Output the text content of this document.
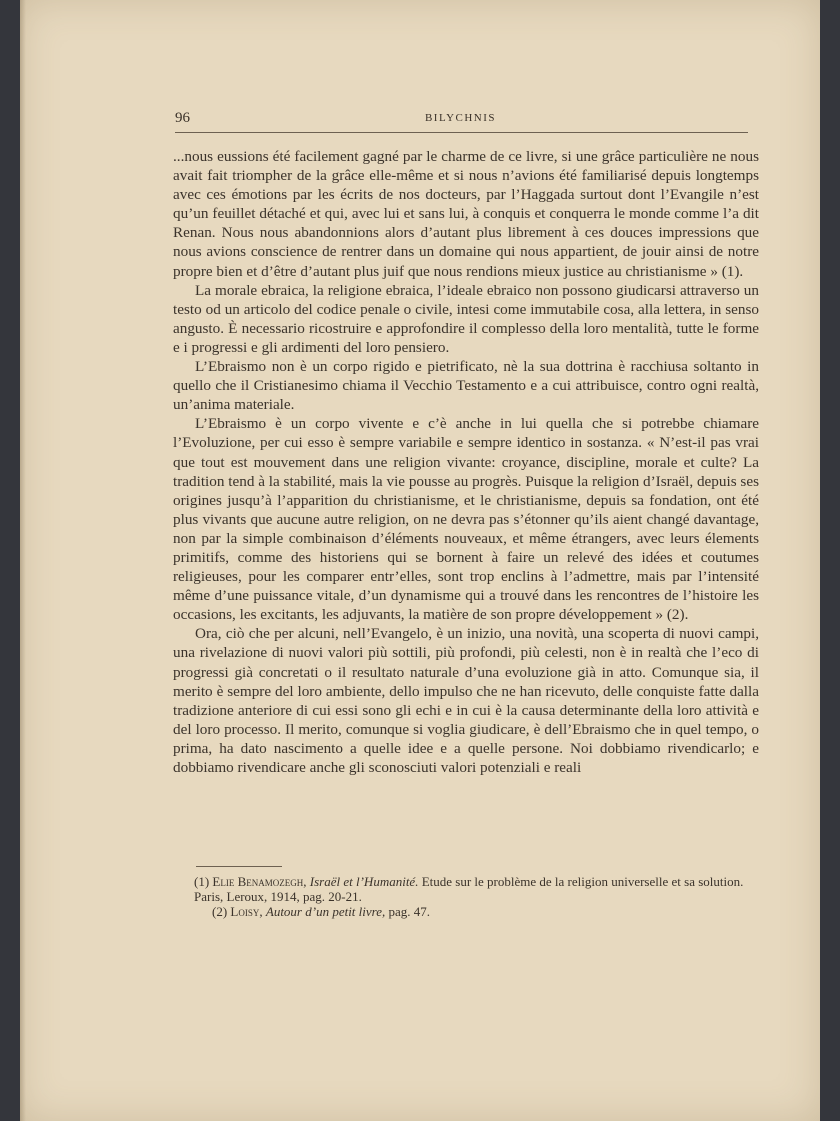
96	BILYCHNIS

...nous eussions été facilement gagné par le charme de ce livre, si une grâce particulière ne nous avait fait triompher de la grâce elle-même et si nous n’avions été familiarisé depuis longtemps avec ces émotions par les écrits de nos docteurs, par l’Haggada surtout dont l’Evangile n’est qu’un feuillet détaché et qui, avec lui et sans lui, à conquis et conquerra le monde comme l’a dit Renan. Nous nous abandonnions alors d’autant plus librement à ces douces impressions que nous avions conscience de rentrer dans un domaine qui nous appartient, de jouir ainsi de notre propre bien et d’être d’autant plus juif que nous rendions mieux justice au christianisme » (1).

La morale ebraica, la religione ebraica, l’ideale ebraico non possono giudicarsi attraverso un testo od un articolo del codice penale o civile, intesi come immutabile cosa, alla lettera, in senso angusto. È necessario ricostruire e approfondire il complesso della loro mentalità, tutte le forme e i progressi e gli ardimenti del loro pensiero.

L’Ebraismo non è un corpo rigido e pietrificato, nè la sua dottrina è racchiusa soltanto in quello che il Cristianesimo chiama il Vecchio Testamento e a cui attribuisce, contro ogni realtà, un’anima materiale.

L’Ebraismo è un corpo vivente e c’è anche in lui quella che si potrebbe chiamare l’Evoluzione, per cui esso è sempre variabile e sempre identico in sostanza. « N’est-il pas vrai que tout est mouvement dans une religion vivante: croyance, discipline, morale et culte? La tradition tend à la stabilité, mais la vie pousse au progrès. Puisque la religion d’Israël, depuis ses origines jusqu’à l’apparition du christianisme, et le christianisme, depuis sa fondation, ont été plus vivants que aucune autre religion, on ne devra pas s’étonner qu’ils aient changé davantage, non par la simple combinaison d’éléments nouveaux, et même étrangers, avec leurs élements primitifs, comme des historiens qui se bornent à faire un relevé des idées et coutumes religieuses, pour les comparer entr’elles, sont trop enclins à l’admettre, mais par l’intensité même d’une puissance vitale, d’un dynamisme qui a trouvé dans les rencontres de l’histoire les occasions, les excitants, les adjuvants, la matière de son propre développement » (2).

Ora, ciò che per alcuni, nell’Evangelo, è un inizio, una novità, una scoperta di nuovi campi, una rivelazione di nuovi valori più sottili, più profondi, più celesti, non è in realtà che l’eco di progressi già concretati o il resultato naturale d’una evoluzione già in atto. Comunque sia, il merito è sempre del loro ambiente, dello impulso che ne han ricevuto, delle conquiste fatte dalla tradizione anteriore di cui essi sono gli echi e in cui è la causa determinante della loro attività e del loro processo. Il merito, comunque si voglia giudicare, è dell’Ebraismo che in quel tempo, o prima, ha dato nascimento a quelle idee e a quelle persone. Noi dobbiamo rivendicarlo; e dobbiamo rivendicare anche gli sconosciuti valori potenziali e reali

(1) Elie Benamozegh, Israël et l’Humanité. Etude sur le problème de la religion universelle et sa solution. Paris, Leroux, 1914, pag. 20-21.

(2) Loisy, Autour d’un petit livre, pag. 47.
